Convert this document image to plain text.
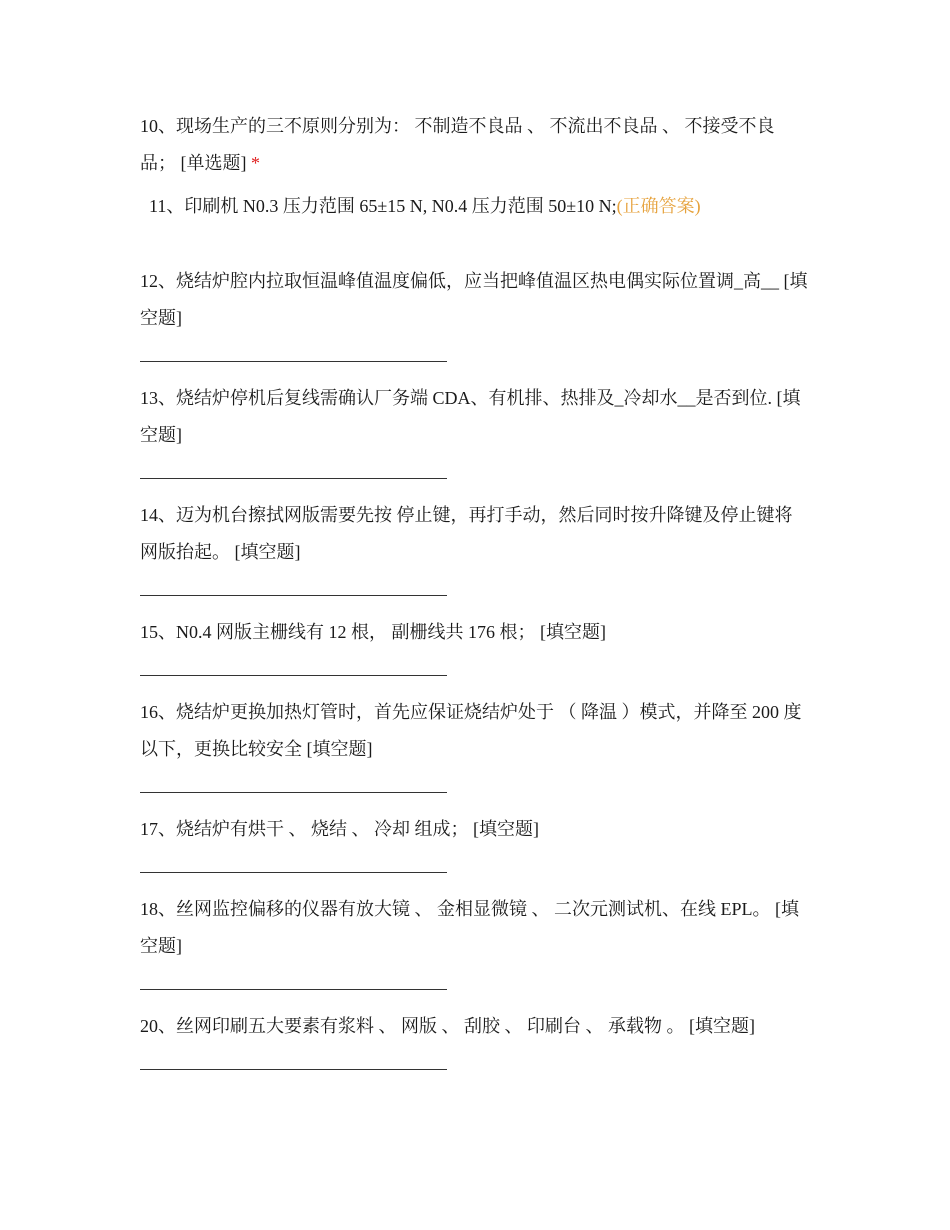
10、现场生产的三不原则分别为： 不制造不良品 、 不流出不良品 、 不接受不良品； [单选题] *

11、印刷机 N0.3 压力范围 65±15 N, N0.4 压力范围 50±10 N;(正确答案)

12、烧结炉腔内拉取恒温峰值温度偏低，应当把峰值温区热电偶实际位置调_高__ [填空题]

13、烧结炉停机后复线需确认厂务端 CDA、有机排、热排及_冷却水__是否到位. [填空题]

14、迈为机台擦拭网版需要先按 停止键，再打手动，然后同时按升降键及停止键将网版抬起。 [填空题]

15、N0.4 网版主栅线有 12 根， 副栅线共 176 根； [填空题]

16、烧结炉更换加热灯管时，首先应保证烧结炉处于 （ 降温 ）模式，并降至 200 度以下，更换比较安全 [填空题]

17、烧结炉有烘干 、 烧结 、 冷却 组成； [填空题]

18、丝网监控偏移的仪器有放大镜 、 金相显微镜 、 二次元测试机、在线 EPL。 [填空题]

20、丝网印刷五大要素有浆料 、 网版 、 刮胶 、 印刷台 、 承载物 。 [填空题]
